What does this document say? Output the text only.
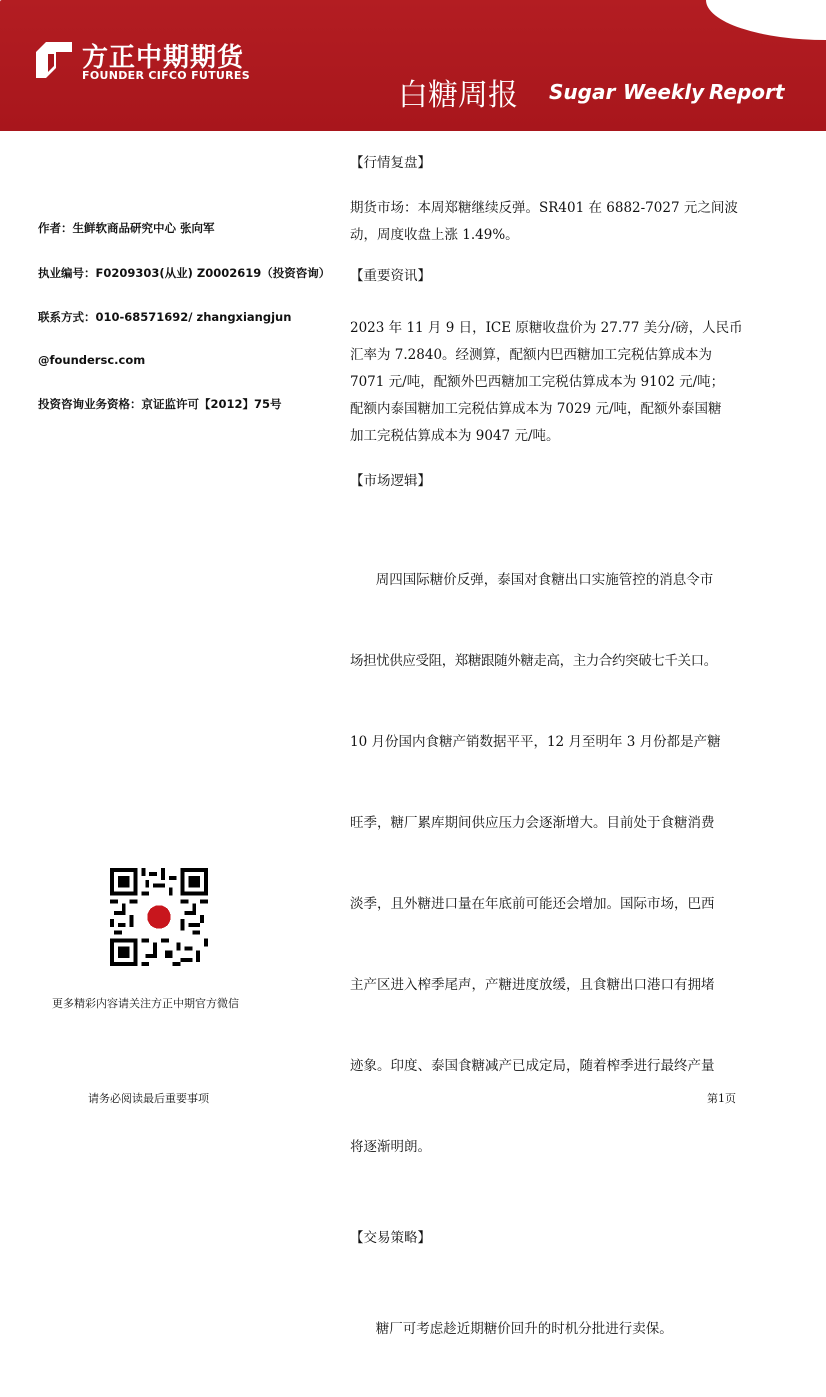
方正中期期货
FOUNDER CIFCO FUTURES
白糖周报 Sugar Weekly Report
作者：生鲜软商品研究中心 张向军
执业编号：F0209303(从业) Z0002619（投资咨询）
联系方式：010-68571692/ zhangxiangjun
@foundersc.com
投资咨询业务资格：京证监许可【2012】75号

【行情复盘】

期货市场：本周郑糖继续反弹。SR401 在 6882-7027 元之间波

动，周度收盘上涨 1.49%。

【重要资讯】

2023 年 11 月 9 日，ICE 原糖收盘价为 27.77 美分/磅，人民币

汇率为 7.2840。经测算，配额内巴西糖加工完税估算成本为

7071 元/吨，配额外巴西糖加工完税估算成本为 9102 元/吨；

配额内泰国糖加工完税估算成本为 7029 元/吨，配额外泰国糖

加工完税估算成本为 9047 元/吨。

【市场逻辑】

周四国际糖价反弹，泰国对食糖出口实施管控的消息令市

场担忧供应受阻，郑糖跟随外糖走高，主力合约突破七千关口。

10 月份国内食糖产销数据平平，12 月至明年 3 月份都是产糖

旺季，糖厂累库期间供应压力会逐渐增大。目前处于食糖消费

淡季，且外糖进口量在年底前可能还会增加。国际市场，巴西

主产区进入榨季尾声，产糖进度放缓，且食糖出口港口有拥堵

迹象。印度、泰国食糖减产已成定局，随着榨季进行最终产量

将逐渐明朗。

【交易策略】

糖厂可考虑趁近期糖价回升的时机分批进行卖保。

更多精彩内容请关注方正中期官方微信
请务必阅读最后重要事项	第1页
